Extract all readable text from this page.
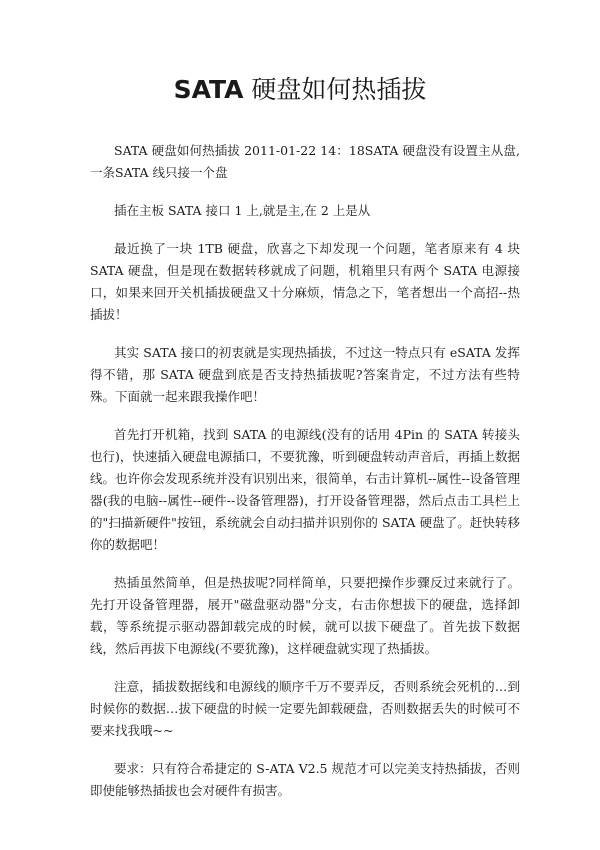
SATA 硬盘如何热插拔

SATA 硬盘如何热插拔 2011-01-22 14：18SATA 硬盘没有设置主从盘,一条SATA 线只接一个盘

插在主板 SATA 接口 1 上,就是主,在 2 上是从

最近换了一块 1TB 硬盘，欣喜之下却发现一个问题，笔者原来有 4 块 SATA 硬盘，但是现在数据转移就成了问题，机箱里只有两个 SATA 电源接口，如果来回开关机插拔硬盘又十分麻烦，情急之下，笔者想出一个高招--热插拔！

其实 SATA 接口的初衷就是实现热插拔，不过这一特点只有 eSATA 发挥得不错，那 SATA 硬盘到底是否支持热插拔呢?答案肯定，不过方法有些特殊。下面就一起来跟我操作吧！

首先打开机箱，找到 SATA 的电源线(没有的话用 4Pin 的 SATA 转接头也行)，快速插入硬盘电源插口，不要犹豫，听到硬盘转动声音后，再插上数据线。也许你会发现系统并没有识别出来，很简单，右击计算机--属性--设备管理器(我的电脑--属性--硬件--设备管理器)，打开设备管理器，然后点击工具栏上的"扫描新硬件"按钮，系统就会自动扫描并识别你的 SATA 硬盘了。赶快转移你的数据吧！

热插虽然简单，但是热拔呢?同样简单，只要把操作步骤反过来就行了。先打开设备管理器，展开"磁盘驱动器"分支，右击你想拔下的硬盘，选择卸载，等系统提示驱动器卸载完成的时候，就可以拔下硬盘了。首先拔下数据线，然后再拔下电源线(不要犹豫)，这样硬盘就实现了热插拔。

注意，插拔数据线和电源线的顺序千万不要弄反，否则系统会死机的…到时候你的数据…拔下硬盘的时候一定要先卸载硬盘，否则数据丢失的时候可不要来找我哦~~

要求：只有符合希捷定的 S-ATA V2.5 规范才可以完美支持热插拔，否则即使能够热插拔也会对硬件有损害。
